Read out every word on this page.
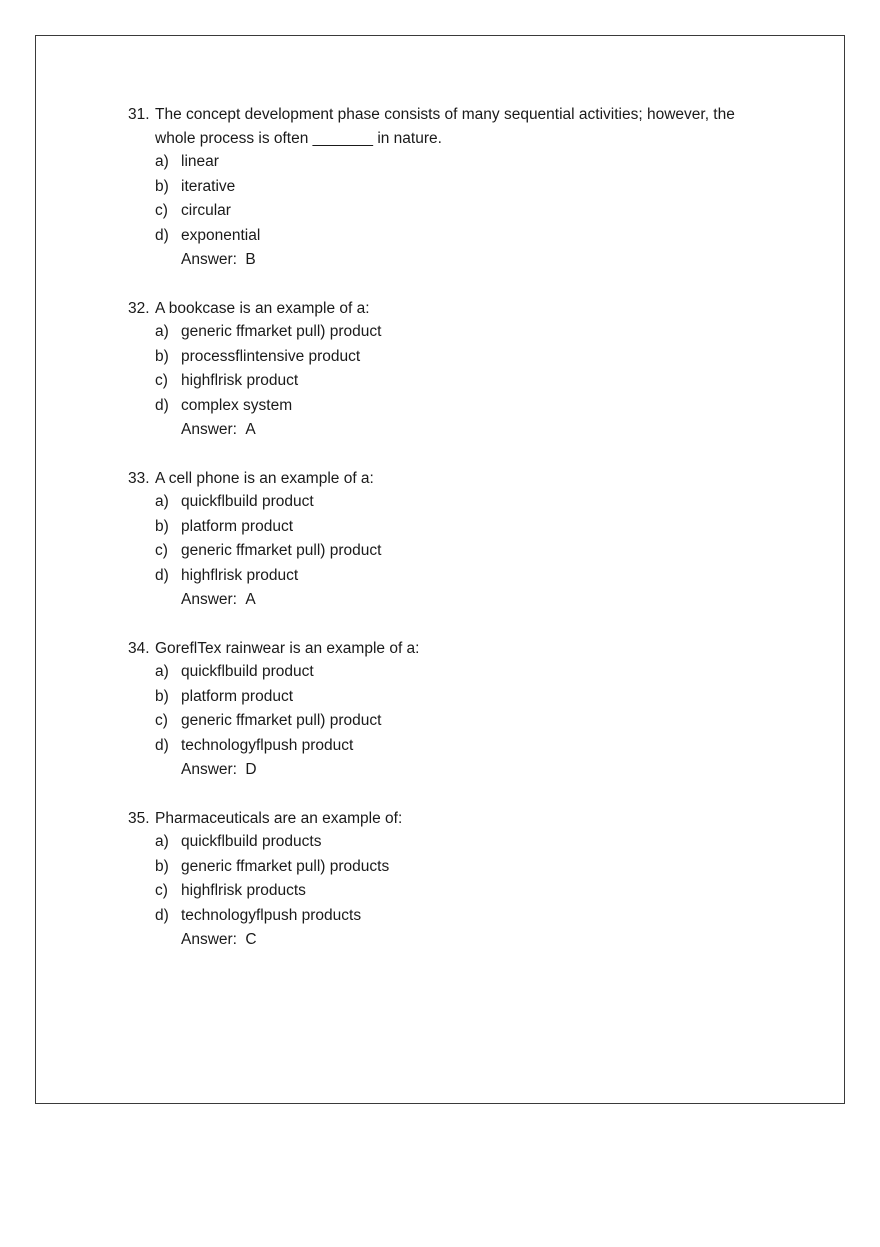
31. The concept development phase consists of many sequential activities; however, the whole process is often _______ in nature.
a) linear
b) iterative
c) circular
d) exponential
Answer: B
32. A bookcase is an example of a:
a) generic ffmarket pull) product
b) processflintensive product
c) highflrisk product
d) complex system
Answer: A
33. A cell phone is an example of a:
a) quickflbuild product
b) platform product
c) generic ffmarket pull) product
d) highflrisk product
Answer: A
34. GoreflTex rainwear is an example of a:
a) quickflbuild product
b) platform product
c) generic ffmarket pull) product
d) technologyflpush product
Answer: D
35. Pharmaceuticals are an example of:
a) quickflbuild products
b) generic ffmarket pull) products
c) highflrisk products
d) technologyflpush products
Answer: C
